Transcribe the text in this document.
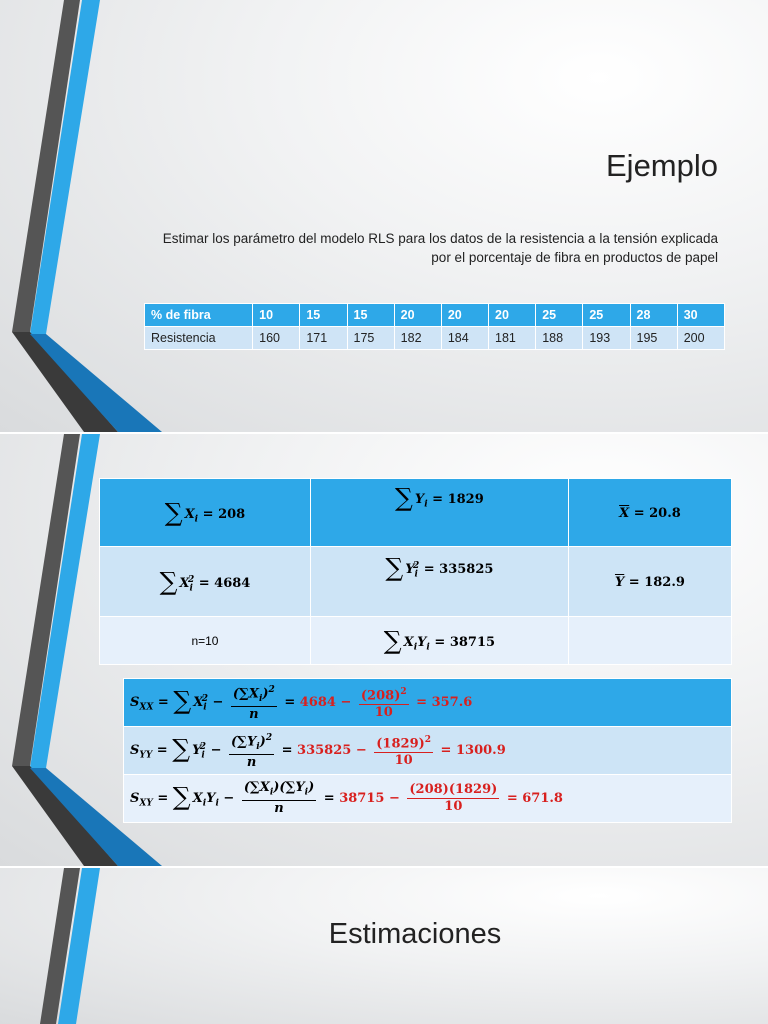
Ejemplo
Estimar los parámetro del modelo RLS para los datos de la resistencia a la tensión explicada por el porcentaje de fibra en productos de papel
% de fibra	10	15	15	20	20	20	25	25	28	30
Resistencia	160	171	175	182	184	181	188	193	195	200
∑ $X_i = 208$	∑ $Y_i = 1829$	$\overline{X} = 20.8$
∑ $X_i^2 = 4684$	∑ $Y_i^2 = 335825$	$\overline{Y} = 182.9$
n=10	∑ $X_iY_i = 38715$	
$S_{XX}$ = ∑ $X_i^2 - \frac{(\sum X_i)^2}{n} = 4684 - \frac{(208)^2}{10} = 357.6$
$S_{YY}$ = ∑ $Y_i^2 - \frac{(\sum Y_i)^2}{n} = 335825 - \frac{(1829)^2}{10} = 1300.9$
$S_{XY}$ = ∑ $X_iY_i - \frac{(\sum X_i)(\sum Y_i)}{n} = 38715 - \frac{(208)(1829)}{10} = 671.8$
Estimaciones
